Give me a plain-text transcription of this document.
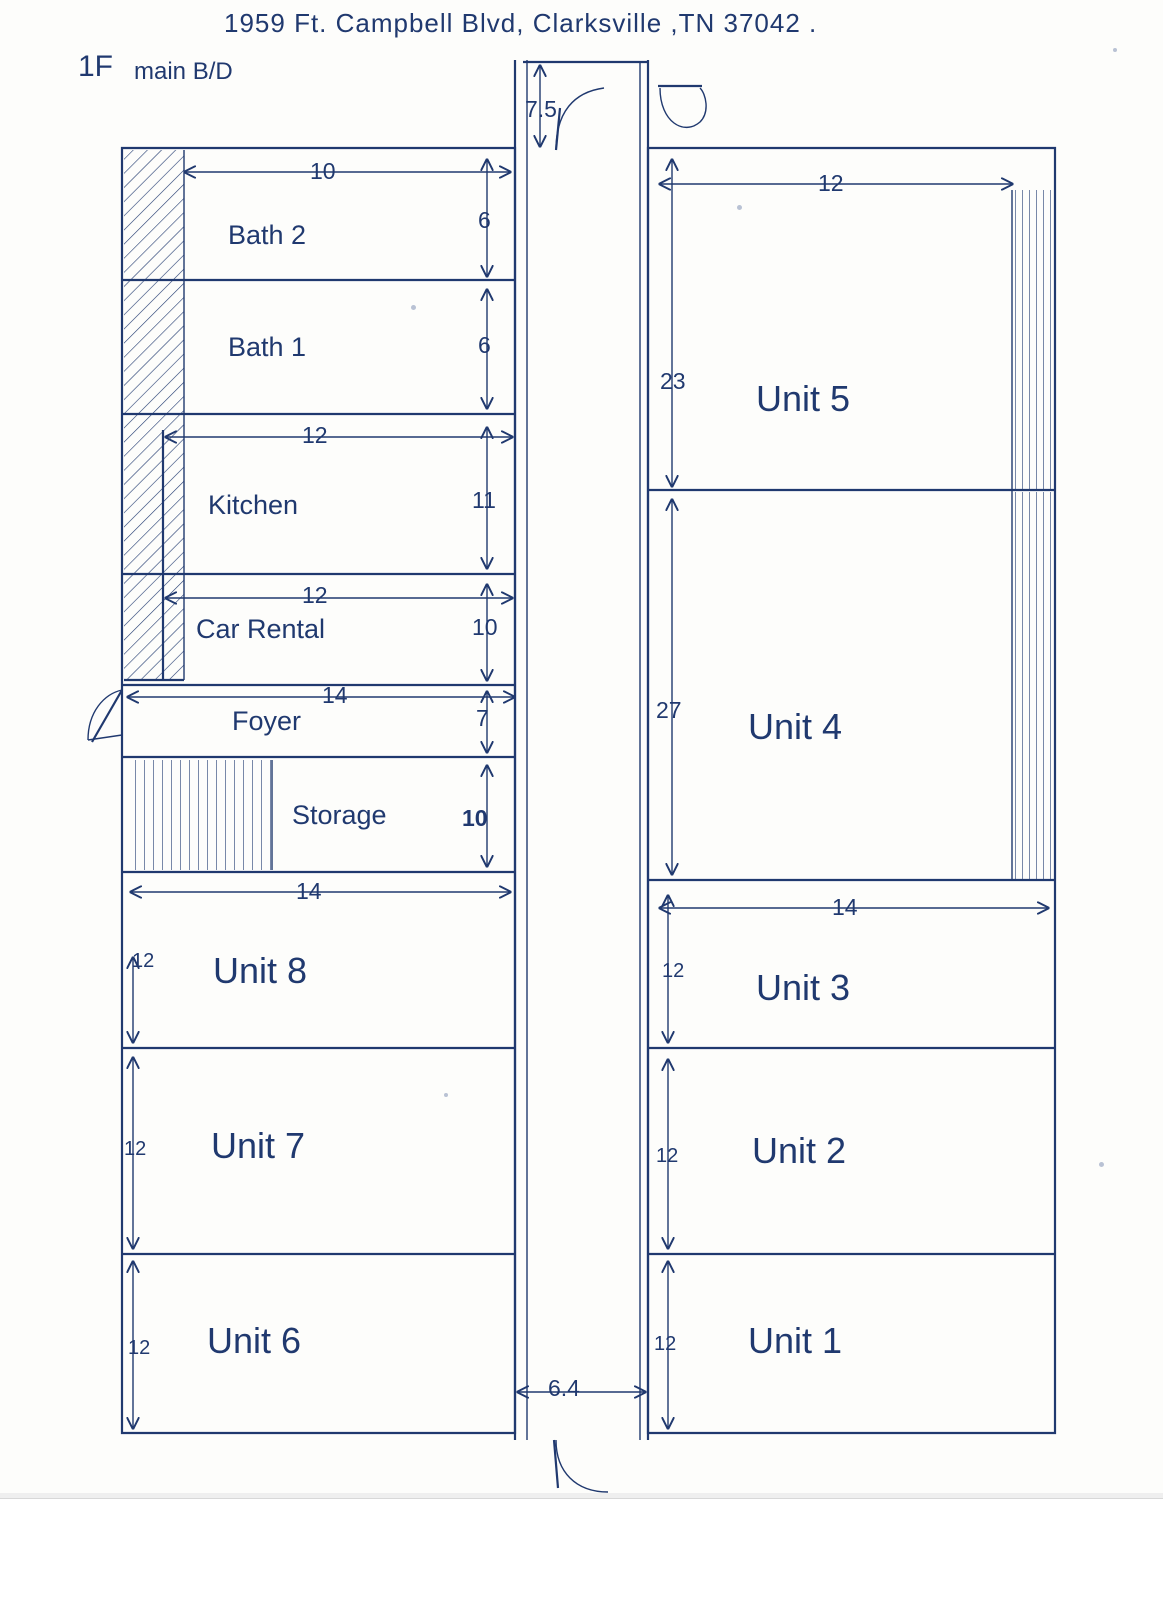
1959 Ft. Campbell Blvd, Clarksville ,TN 37042 .
1F main B/D
Bath 2
Bath 1
Kitchen
Car Rental
Foyer
Storage
Unit 8
Unit 7
Unit 6
Unit 5
Unit 4
Unit 3
Unit 2
Unit 1
7.5
10
6
6
12
11
12
10
14
7
10
14
12
12
12
12
23
27
14
12
12
12
6.4
